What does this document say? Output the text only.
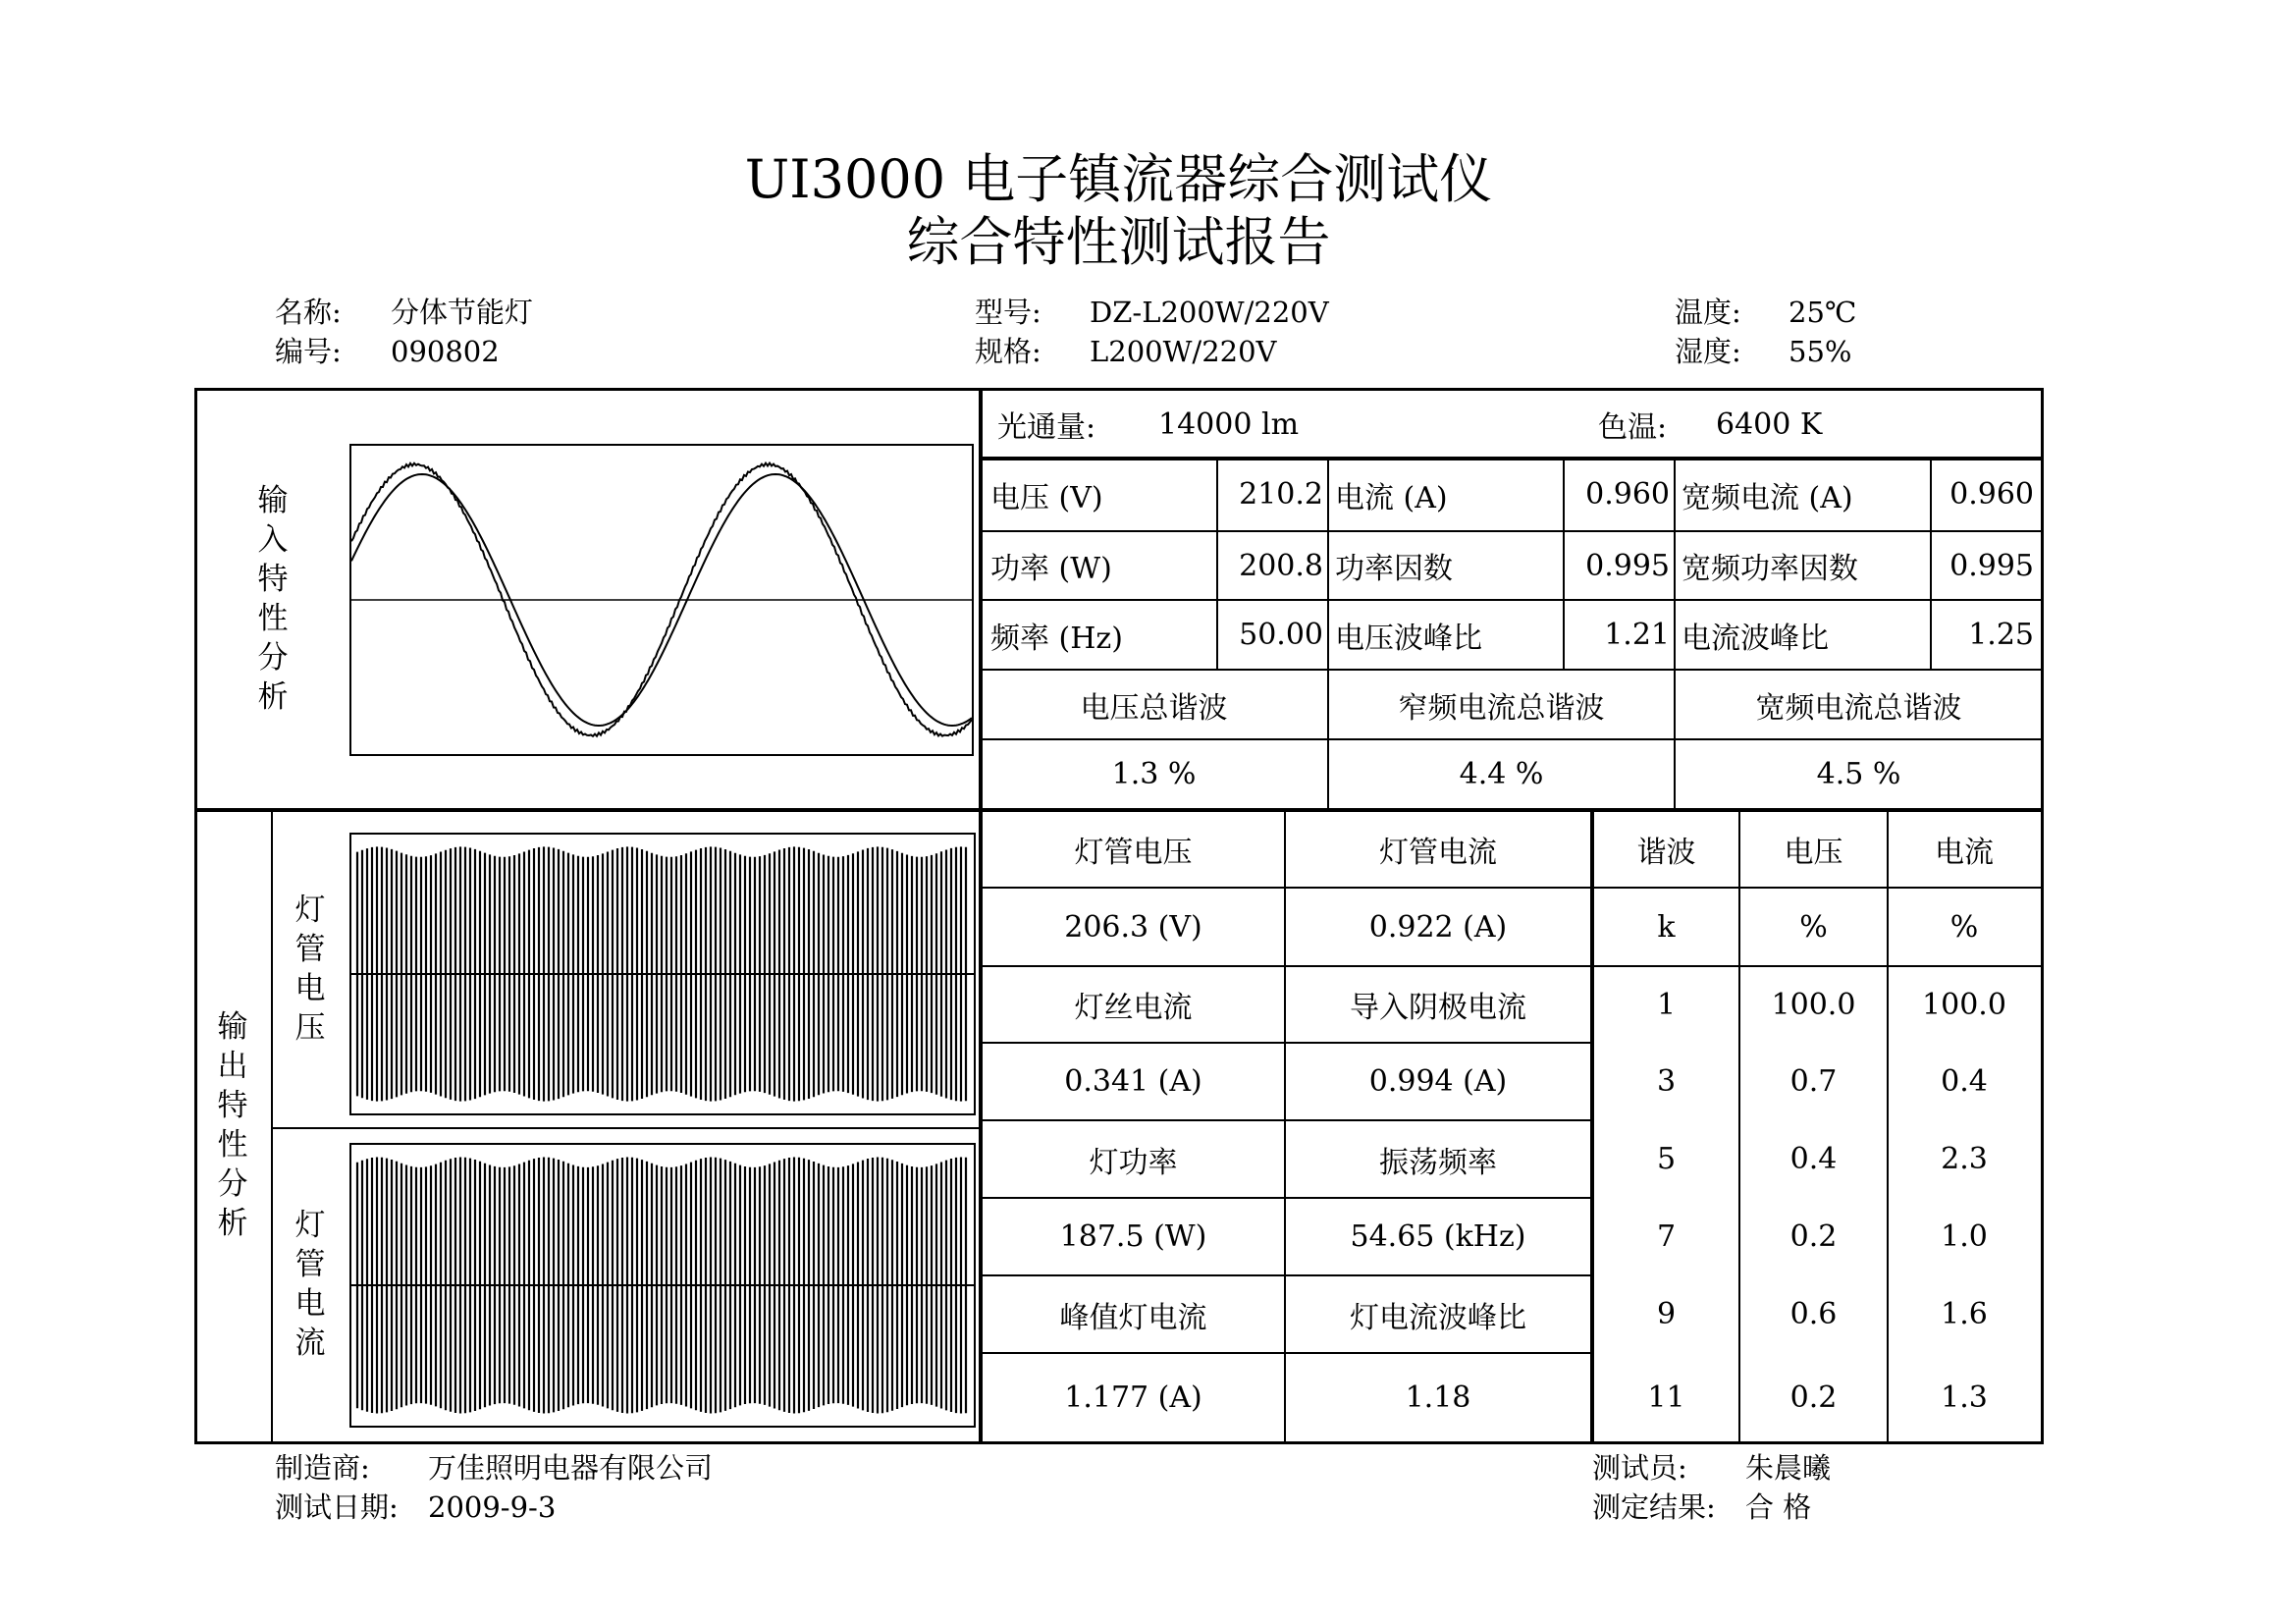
UI3000 电子镇流器综合测试仪
综合特性测试报告
名称: 分体节能灯
编号: 090802
型号: DZ-L200W/220V
规格: L200W/220V
温度: 25℃
湿度: 55%
输入特性分析
光通量:	14000 lm	色温:	6400 K
电压 (V)	210.2 电流 (A)	0.960 宽频电流 (A)	0.960
功率 (W)	200.8 功率因数	0.995 宽频功率因数	0.995
频率 (Hz)	50.00 电压波峰比	1.21 电流波峰比	1.25
电压总谐波	窄频电流总谐波	宽频电流总谐波
1.3 %	4.4 %	4.5 %
输出特性分析
灯管电压
灯管电流
灯管电压	灯管电流
206.3 (V)	0.922 (A)
灯丝电流	导入阴极电流
0.341 (A)	0.994 (A)
灯功率	振荡频率
187.5 (W)	54.65 (kHz)
峰值灯电流	灯电流波峰比
1.177 (A)	1.18
谐波	电压	电流
k	%	%
1	100.0	100.0
3	0.7	0.4
5	0.4	2.3
7	0.2	1.0
9	0.6	1.6
11	0.2	1.3
制造商: 万佳照明电器有限公司
测试日期: 2009-9-3
测试员: 朱晨曦
测定结果: 合 格
